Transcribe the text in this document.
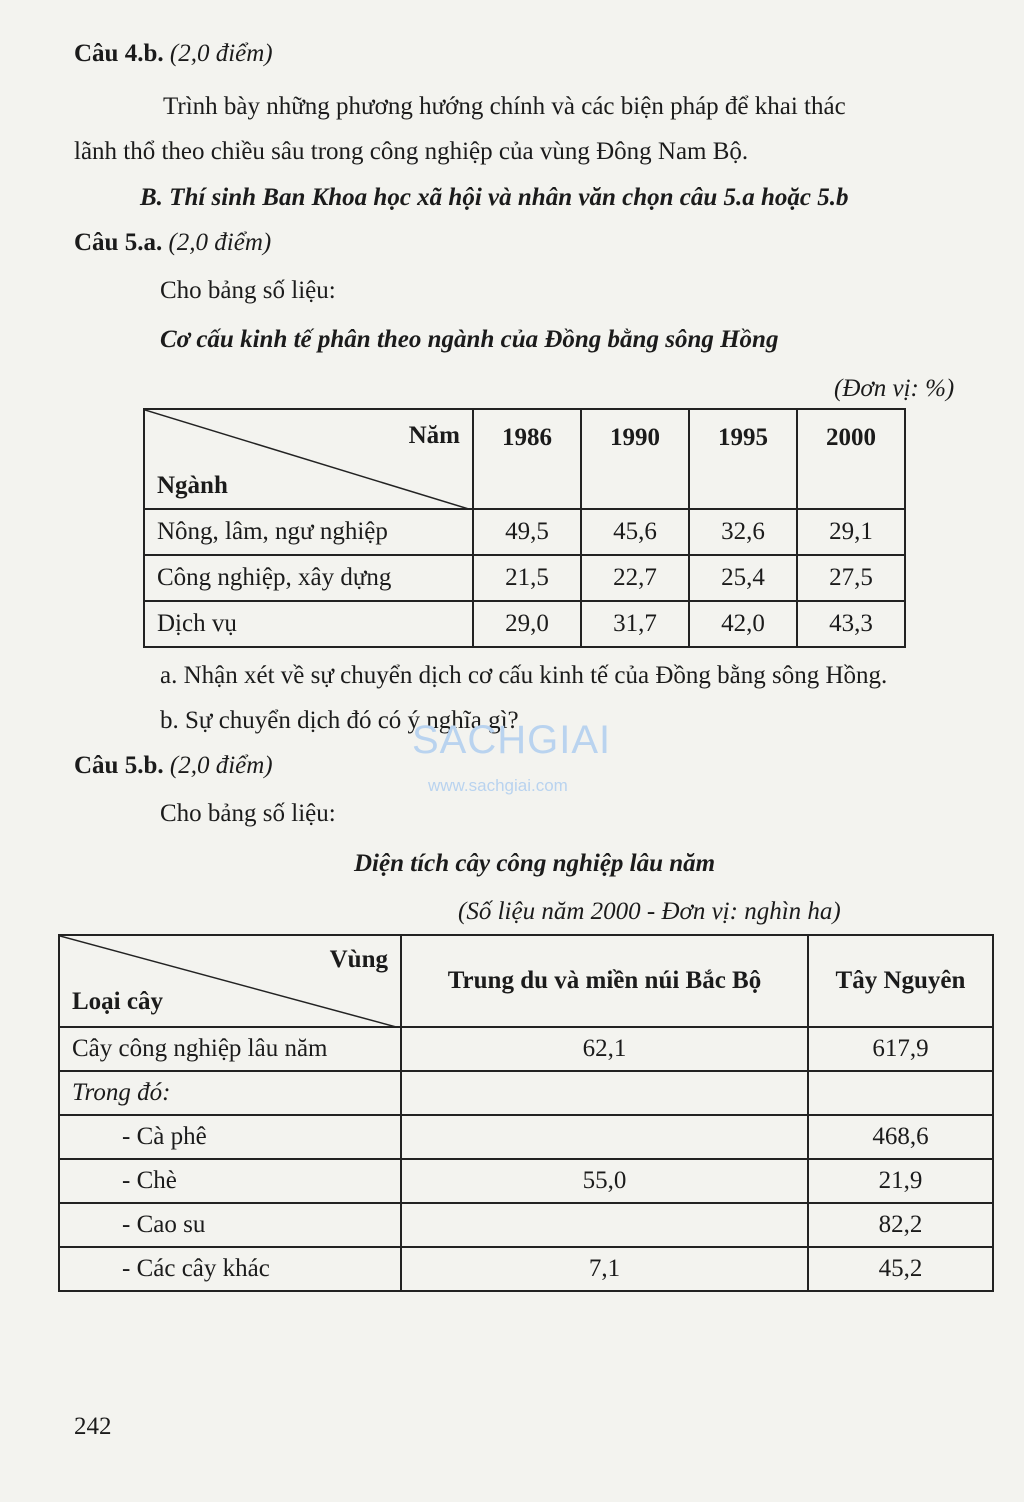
Câu 4.b. (2,0 điểm)
Trình bày những phương hướng chính và các biện pháp để khai thác
lãnh thổ theo chiều sâu trong công nghiệp của vùng Đông Nam Bộ.
B. Thí sinh Ban Khoa học xã hội và nhân văn chọn câu 5.a hoặc 5.b
Câu 5.a. (2,0 điểm)
Cho bảng số liệu:
Cơ cấu kinh tế phân theo ngành của Đồng bằng sông Hồng
(Đơn vị: %)
Năm
Ngành	1986	1990	1995	2000
Nông, lâm, ngư nghiệp	49,5	45,6	32,6	29,1
Công nghiệp, xây dựng	21,5	22,7	25,4	27,5
Dịch vụ	29,0	31,7	42,0	43,3
a. Nhận xét về sự chuyển dịch cơ cấu kinh tế của Đồng bằng sông Hồng.
b. Sự chuyển dịch đó có ý nghĩa gì?
SACHGIAI
www.sachgiai.com
Câu 5.b. (2,0 điểm)
Cho bảng số liệu:
Diện tích cây công nghiệp lâu năm
(Số liệu năm 2000 - Đơn vị: nghìn ha)
Vùng
Loại cây	Trung du và miền núi Bắc Bộ	Tây Nguyên
Cây công nghiệp lâu năm	62,1	617,9
Trong đó:		
- Cà phê		468,6
- Chè	55,0	21,9
- Cao su		82,2
- Các cây khác	7,1	45,2
242
